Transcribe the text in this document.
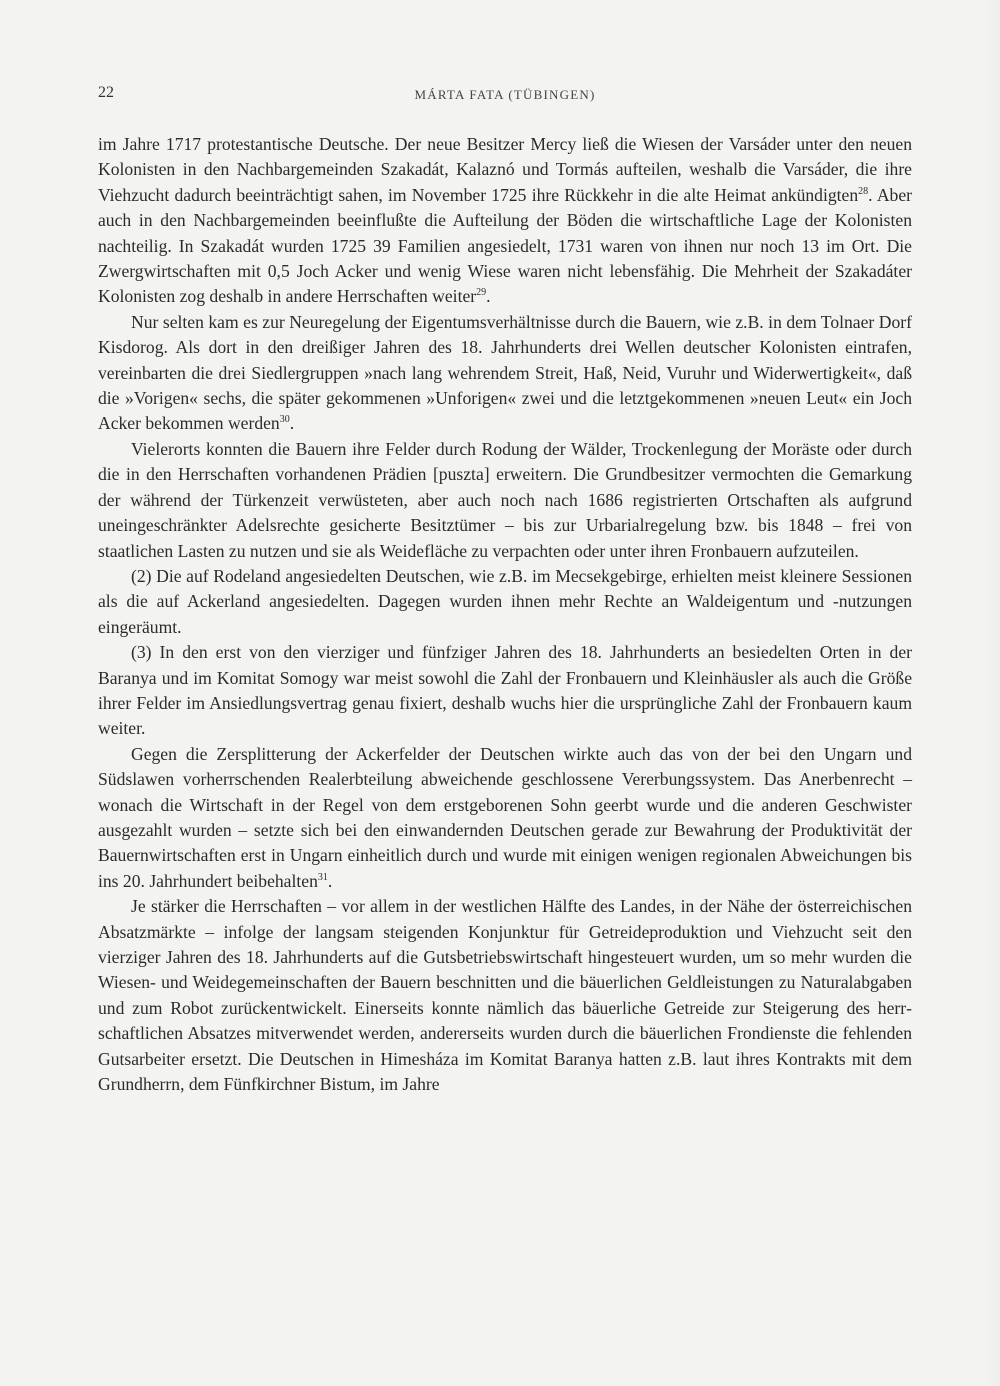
22	MÁRTA FATA (TÜBINGEN)

im Jahre 1717 protestantische Deutsche. Der neue Besitzer Mercy ließ die Wiesen der Varsáder unter den neuen Kolonisten in den Nachbargemeinden Szakadát, Kalaznó und Tormás aufteilen, weshalb die Varsáder, die ihre Viehzucht dadurch beeinträchtigt sahen, im November 1725 ihre Rückkehr in die alte Heimat ankündigten$^{28}$. Aber auch in den Nachbargemeinden beeinflußte die Aufteilung der Böden die wirtschaftliche Lage der Kolonisten nachteilig. In Szakadát wurden 1725 39 Familien angesiedelt, 1731 waren von ihnen nur noch 13 im Ort. Die Zwergwirtschaften mit 0,5 Joch Acker und wenig Wiese waren nicht lebensfähig. Die Mehrheit der Szakadáter Kolonisten zog deshalb in andere Herrschaften weiter$^{29}$.

Nur selten kam es zur Neuregelung der Eigentumsverhältnisse durch die Bauern, wie z.B. in dem Tolnaer Dorf Kisdorog. Als dort in den dreißiger Jahren des 18. Jahrhunderts drei Wellen deutscher Kolonisten eintrafen, vereinbarten die drei Siedlergruppen »nach lang wehrendem Streit, Haß, Neid, Vuruhr und Widerwertigkeit«, daß die »Vorigen« sechs, die später gekommenen »Unforigen« zwei und die letztgekommenen »neuen Leut« ein Joch Acker bekommen werden$^{30}$.

Vielerorts konnten die Bauern ihre Felder durch Rodung der Wälder, Trockenlegung der Moräste oder durch die in den Herrschaften vorhandenen Prädien [puszta] erweitern. Die Grundbesitzer vermochten die Gemarkung der während der Türkenzeit verwüsteten, aber auch noch nach 1686 registrierten Ortschaften als aufgrund uneingeschränkter Adelsrechte gesicherte Besitztümer – bis zur Urbarialregelung bzw. bis 1848 – frei von staatlichen Lasten zu nutzen und sie als Weidefläche zu verpachten oder unter ihren Fronbauern aufzuteilen.

(2) Die auf Rodeland angesiedelten Deutschen, wie z.B. im Mecsekgebirge, erhielten meist kleinere Sessionen als die auf Ackerland angesiedelten. Dagegen wurden ihnen mehr Rechte an Waldeigentum und -nutzungen eingeräumt.

(3) In den erst von den vierziger und fünfziger Jahren des 18. Jahrhunderts an besiedelten Orten in der Baranya und im Komitat Somogy war meist sowohl die Zahl der Fronbauern und Kleinhäusler als auch die Größe ihrer Felder im Ansiedlungsvertrag genau fixiert, deshalb wuchs hier die ursprüngliche Zahl der Fronbauern kaum weiter.

Gegen die Zersplitterung der Ackerfelder der Deutschen wirkte auch das von der bei den Ungarn und Südslawen vorherrschenden Realerbteilung abweichende geschlossene Vererbungssystem. Das Anerbenrecht – wonach die Wirtschaft in der Regel von dem erstgeborenen Sohn geerbt wurde und die anderen Geschwister ausgezahlt wurden – setzte sich bei den einwandernden Deutschen gerade zur Bewahrung der Produktivität der Bauernwirtschaften erst in Ungarn einheitlich durch und wurde mit einigen wenigen regionalen Abweichungen bis ins 20. Jahrhundert beibehalten$^{31}$.

Je stärker die Herrschaften – vor allem in der westlichen Hälfte des Landes, in der Nähe der österreichischen Absatzmärkte – infolge der langsam steigenden Konjunktur für Getreideproduktion und Viehzucht seit den vierziger Jahren des 18. Jahrhunderts auf die Gutsbetriebswirtschaft hingesteuert wurden, um so mehr wurden die Wiesen- und Weidegemeinschaften der Bauern beschnitten und die bäuerlichen Geldleistungen zu Naturalabgaben und zum Robot zurückentwickelt. Einerseits konnte nämlich das bäuerliche Getreide zur Steigerung des herrschaftlichen Absatzes mitverwendet werden, andererseits wurden durch die bäuerlichen Frondienste die fehlenden Gutsarbeiter ersetzt. Die Deutschen in Himesháza im Komitat Baranya hatten z.B. laut ihres Kontrakts mit dem Grundherrn, dem Fünfkirchner Bistum, im Jahre
